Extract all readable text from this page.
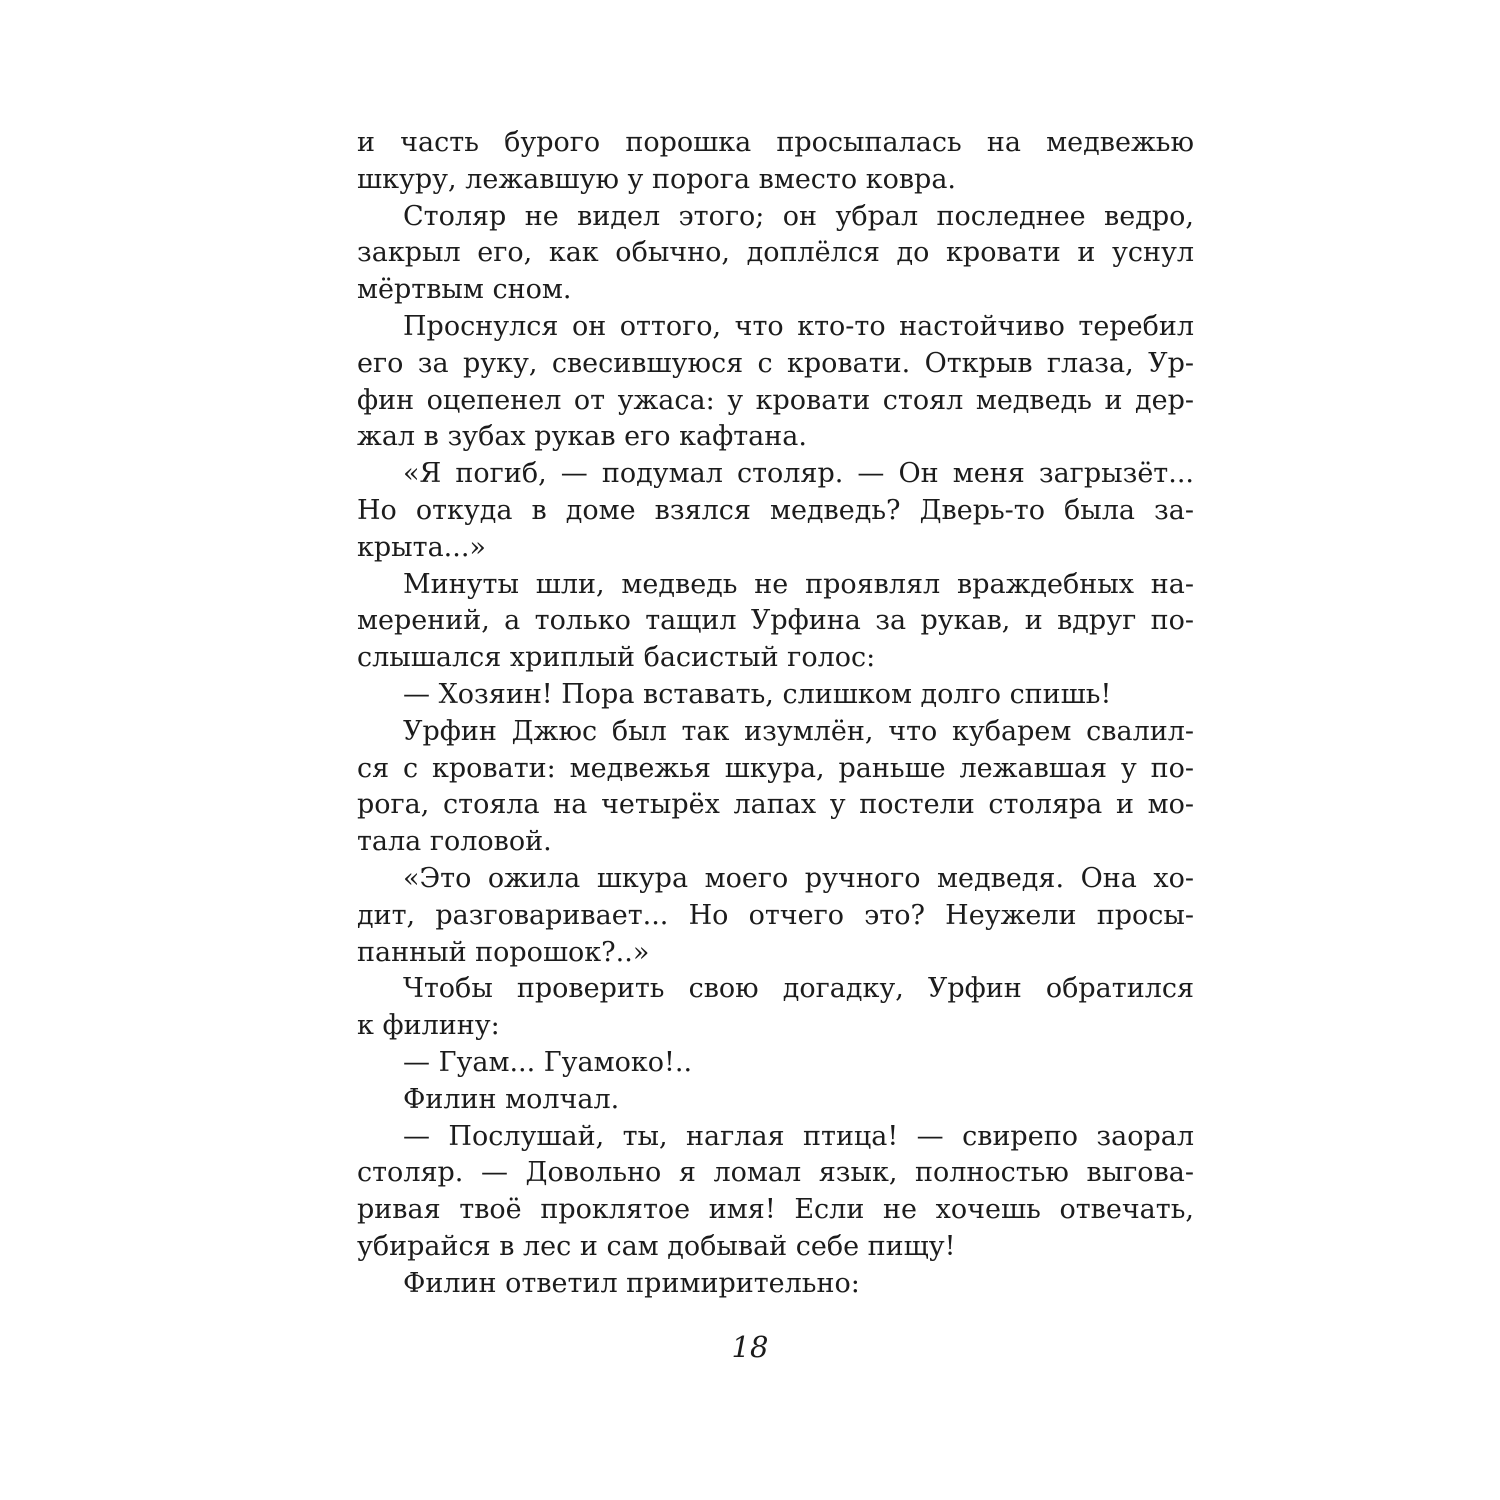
и часть бурого порошка просыпалась на медвежью
шкуру, лежавшую у порога вместо ковра.
Столяр не видел этого; он убрал последнее ведро,
закрыл его, как обычно, доплёлся до кровати и уснул
мёртвым сном.
Проснулся он оттого, что кто-то настойчиво теребил
его за руку, свесившуюся с кровати. Открыв глаза, Ур-
фин оцепенел от ужаса: у кровати стоял медведь и дер-
жал в зубах рукав его кафтана.
«Я погиб, — подумал столяр. — Он меня загрызёт...
Но откуда в доме взялся медведь? Дверь-то была за-
крыта...»
Минуты шли, медведь не проявлял враждебных на-
мерений, а только тащил Урфина за рукав, и вдруг по-
слышался хриплый басистый голос:
— Хозяин! Пора вставать, слишком долго спишь!
Урфин Джюс был так изумлён, что кубарем свалил-
ся с кровати: медвежья шкура, раньше лежавшая у по-
рога, стояла на четырёх лапах у постели столяра и мо-
тала головой.
«Это ожила шкура моего ручного медведя. Она хо-
дит, разговаривает... Но отчего это? Неужели просы-
панный порошок?..»
Чтобы проверить свою догадку, Урфин обратился
к филину:
— Гуам... Гуамоко!..
Филин молчал.
— Послушай, ты, наглая птица! — свирепо заорал
столяр. — Довольно я ломал язык, полностью выгова-
ривая твоё проклятое имя! Если не хочешь отвечать,
убирайся в лес и сам добывай себе пищу!
Филин ответил примирительно:
18
